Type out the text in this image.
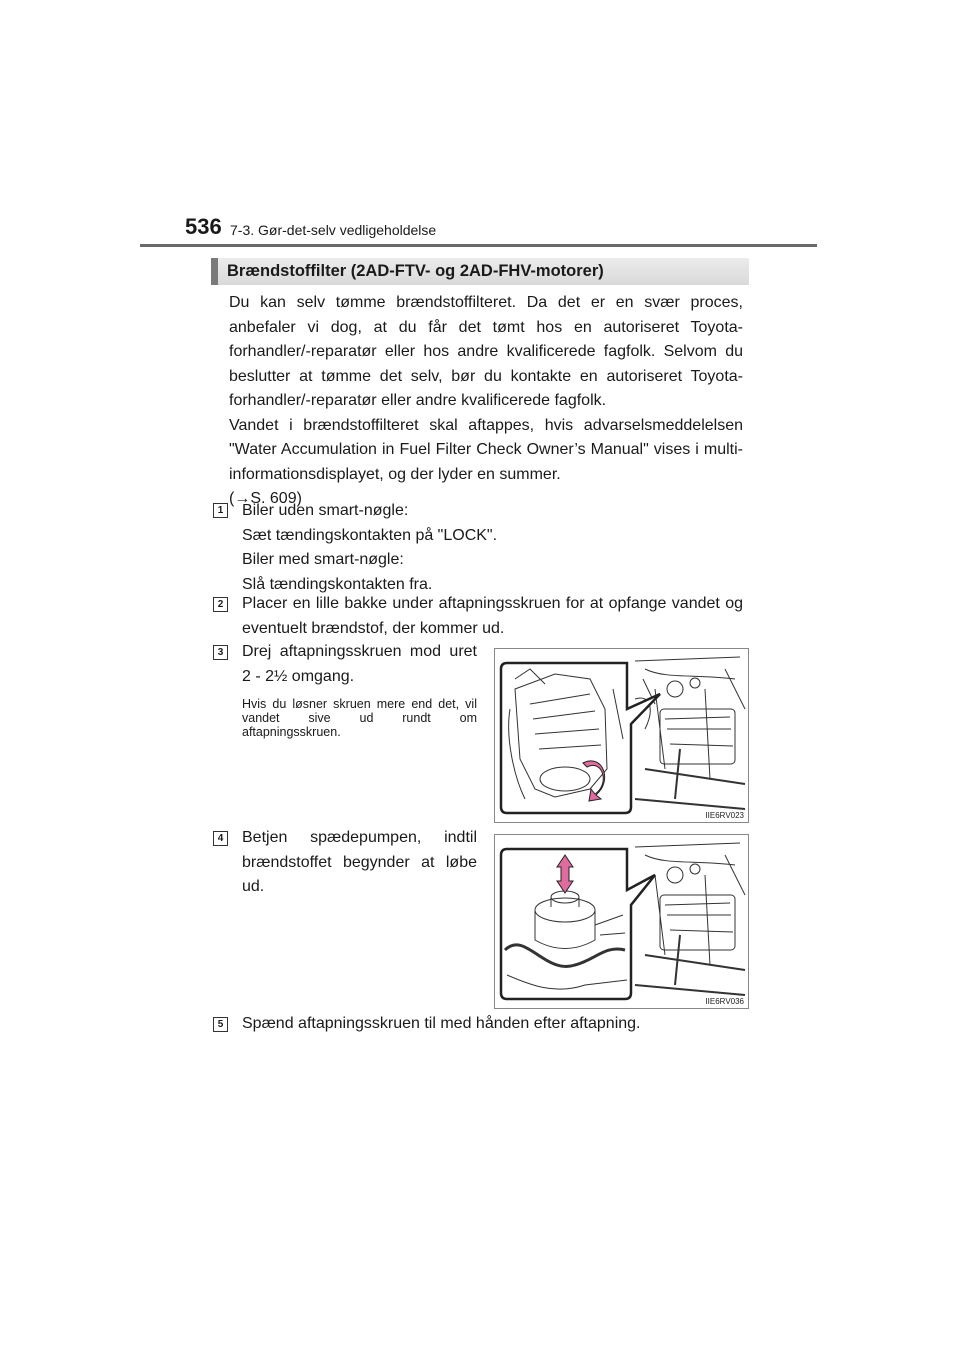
536 7-3. Gør-det-selv vedligeholdelse
Brændstoffilter (2AD-FTV- og 2AD-FHV-motorer)

Du kan selv tømme brændstoffilteret. Da det er en svær proces, anbefaler vi dog, at du får det tømt hos en autoriseret Toyota-forhandler/-reparatør eller hos andre kvalificerede fagfolk. Selvom du beslutter at tømme det selv, bør du kontakte en autoriseret Toyota-forhandler/-reparatør eller andre kvalificerede fagfolk.

Vandet i brændstoffilteret skal aftappes, hvis advarselsmeddelelsen "Water Accumulation in Fuel Filter Check Owner’s Manual" vises i multi-informationsdisplayet, og der lyder en summer.

(→S. 609)

1 Biler uden smart-nøgle:

Sæt tændingskontakten på "LOCK".

Biler med smart-nøgle:

Slå tændingskontakten fra.

2 Placer en lille bakke under aftapningsskruen for at opfange vandet og eventuelt brændstof, der kommer ud.
3 Drej aftapningsskruen mod uret 2 - 2½ omgang.

Hvis du løsner skruen mere end det, vil vandet sive ud rundt om aftapningsskruen.

IIE6RV023
4 Betjen spædepumpen, indtil brændstoffet begynder at løbe ud.
IIE6RV036
5 Spænd aftapningsskruen til med hånden efter aftapning.
